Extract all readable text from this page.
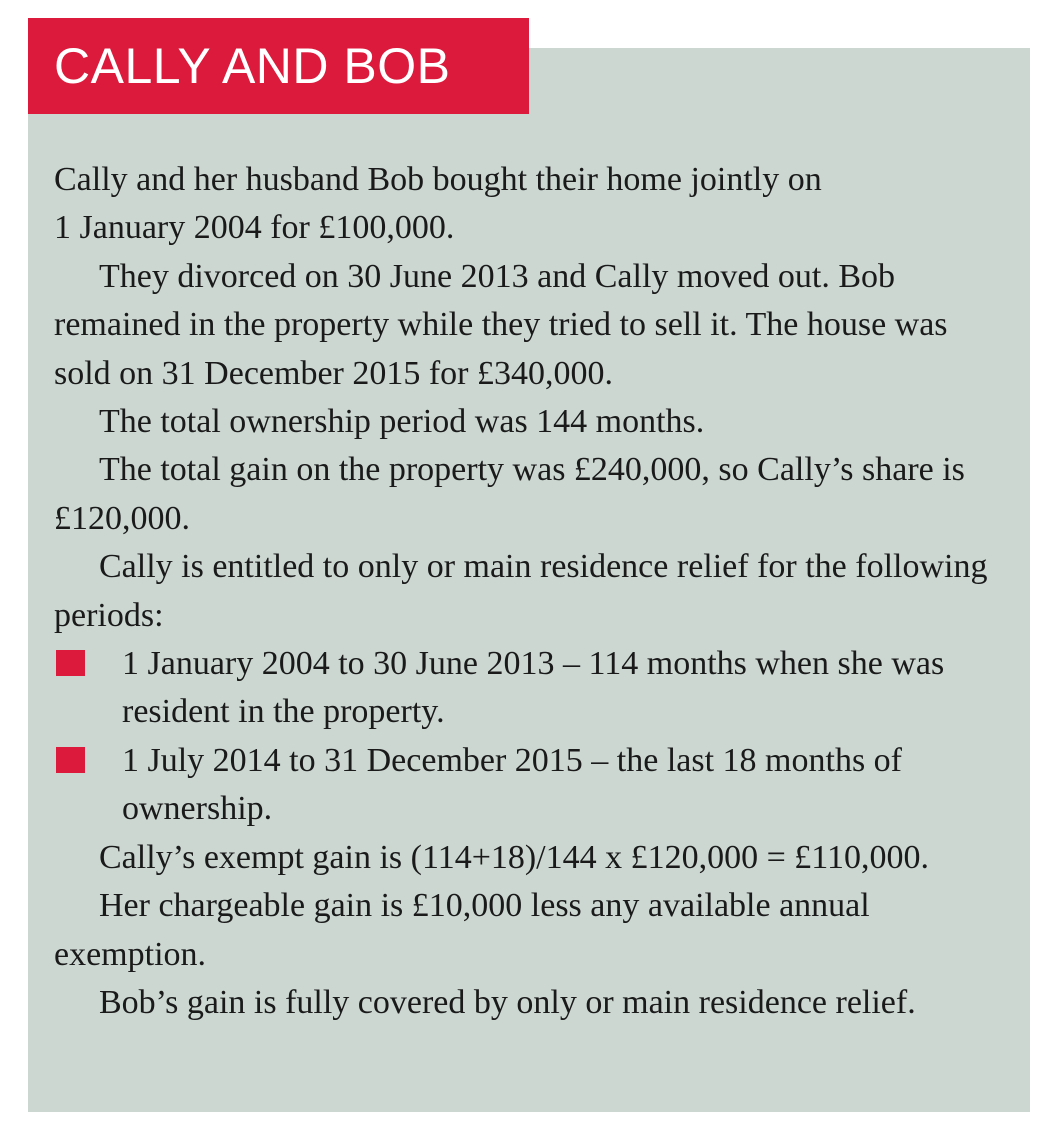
CALLY AND BOB

Cally and her husband Bob bought their home jointly on
1 January 2004 for £100,000.

They divorced on 30 June 2013 and Cally moved out. Bob remained in the property while they tried to sell it. The house was sold on 31 December 2015 for £340,000.

The total ownership period was 144 months.

The total gain on the property was £240,000, so Cally’s share is £120,000.

Cally is entitled to only or main residence relief for the following periods:

1 January 2004 to 30 June 2013 – 114 months when she was resident in the property.
1 July 2014 to 31 December 2015 – the last 18 months of ownership.

Cally’s exempt gain is (114+18)/144 x £120,000 = £110,000.

Her chargeable gain is £10,000 less any available annual exemption.

Bob’s gain is fully covered by only or main residence relief.
